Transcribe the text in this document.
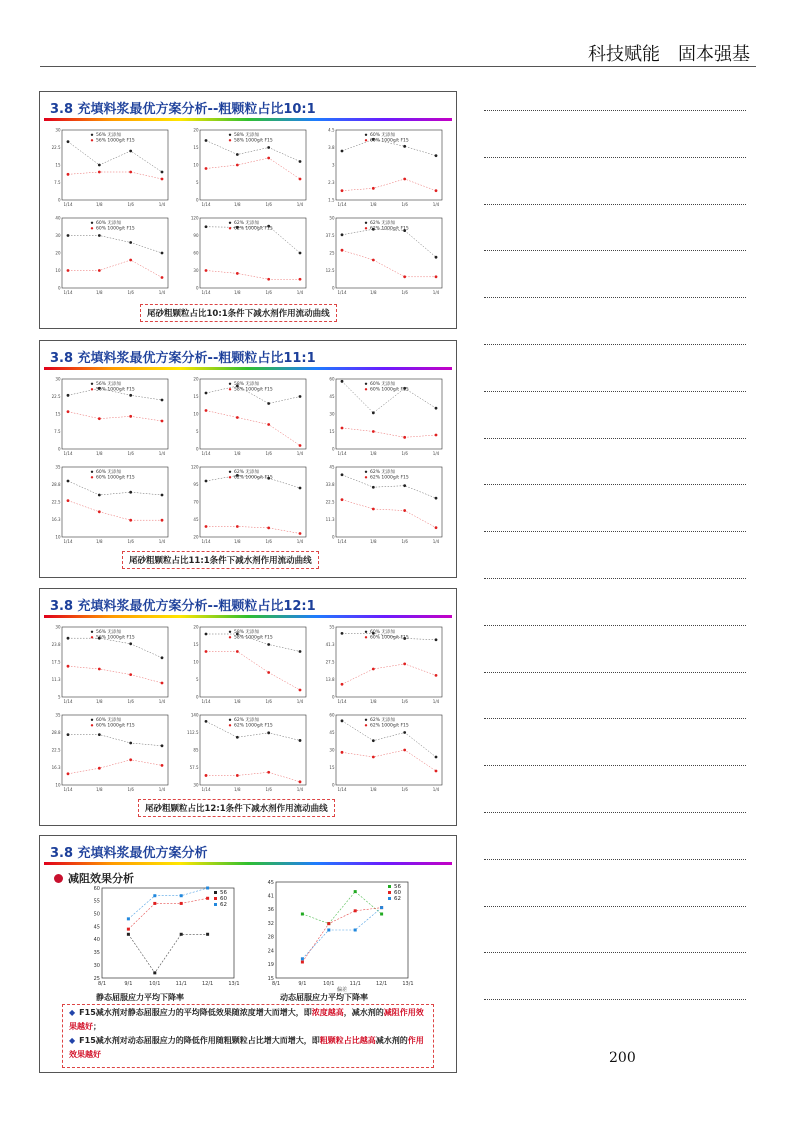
科技赋能　固本强基
3.8 充填料浆最优方案分析--粗颗粒占比10:1
0
7.5
15
22.5
30
1/14	1/8	1/6	1/4
56% 无添加
56% 1000g/t F15
0
5
10
15
20
1/14	1/8	1/6	1/4
58% 无添加
58% 1000g/t F15
1.5
2.3
3
3.8
4.5
1/14	1/8	1/6	1/4
60% 无添加
60% 1000g/t F15
0
10
20
30
40
1/14	1/8	1/6	1/4
60% 无添加
60% 1000g/t F15
0
30
60
90
120
1/14	1/8	1/6	1/4
62% 无添加
62% 1000g/t F15
0
12.5
25
37.5
50
1/14	1/8	1/6	1/4
62% 无添加
62% 1000g/t F15
尾砂粗颗粒占比10:1条件下减水剂作用流动曲线
3.8 充填料浆最优方案分析--粗颗粒占比11:1
0
7.5
15
22.5
30
1/14	1/8	1/6	1/4
56% 无添加
56% 1000g/t F15
0
5
10
15
20
1/14	1/8	1/6	1/4
58% 无添加
58% 1000g/t F15
0
15
30
45
60
1/14	1/8	1/6	1/4
60% 无添加
60% 1000g/t F15
10
16.3
22.5
28.8
35
1/14	1/8	1/6	1/4
60% 无添加
60% 1000g/t F15
20
45
70
95
120
1/14	1/8	1/6	1/4
62% 无添加
62% 1000g/t F15
0
11.3
22.5
33.8
45
1/14	1/8	1/6	1/4
62% 无添加
62% 1000g/t F15
尾砂粗颗粒占比11:1条件下减水剂作用流动曲线
3.8 充填料浆最优方案分析--粗颗粒占比12:1
5
11.3
17.5
23.8
30
1/14	1/8	1/6	1/4
56% 无添加
56% 1000g/t F15
0
5
10
15
20
1/14	1/8	1/6	1/4
58% 无添加
58% 1000g/t F15
0
13.8
27.5
41.3
55
1/14	1/8	1/6	1/4
60% 无添加
60% 1000g/t F15
10
16.3
22.5
28.8
35
1/14	1/8	1/6	1/4
60% 无添加
60% 1000g/t F15
30
57.5
85
112.5
140
1/14	1/8	1/6	1/4
62% 无添加
62% 1000g/t F15
0
15
30
45
60
1/14	1/8	1/6	1/4
62% 无添加
62% 1000g/t F15
尾砂粗颗粒占比12:1条件下减水剂作用流动曲线
3.8 充填料浆最优方案分析
减阻效果分析
25
30
35
40
45
50
55
60
8/1	9/1	10/1	11/1	12/1	13/1
56
60
62
15
19
24
28
32
36
41
45
8/1	9/1	10/1	11/1	12/1	13/1
偏差
56
60
62
静态屈服应力平均下降率	动态屈服应力平均下降率
◆ F15减水剂对静态屈服应力的平均降低效果随浓度增大而增大，即浓度越高，减水剂的减阻作用效果越好；
◆ F15减水剂对动态屈服应力的降低作用随粗颗粒占比增大而增大，即粗颗粒占比越高减水剂的作用效果越好	200
